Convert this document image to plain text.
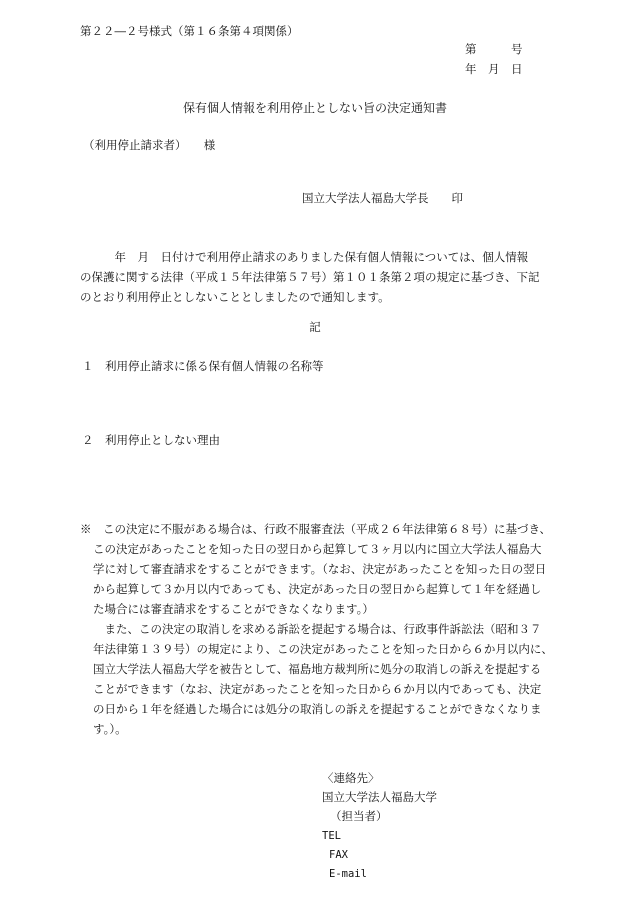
第２２―２号様式（第１６条第４項関係）
第　　　号
年　月　日
保有個人情報を利用停止としない旨の決定通知書
（利用停止請求者）　　様
国立大学法人福島大学長　　印
　　　年　月　日付けで利用停止請求のありました保有個人情報については、個人情報
の保護に関する法律（平成１５年法律第５７号）第１０１条第２項の規定に基づき、下記
のとおり利用停止としないこととしましたので通知します。
記
１　利用停止請求に係る保有個人情報の名称等
２　利用停止としない理由
※　この決定に不服がある場合は、行政不服審査法（平成２６年法律第６８号）に基づき、
この決定があったことを知った日の翌日から起算して３ヶ月以内に国立大学法人福島大
学に対して審査請求をすることができます。（なお、決定があったことを知った日の翌日
から起算して３か月以内であっても、決定があった日の翌日から起算して１年を経過し
た場合には審査請求をすることができなくなります。）
　また、この決定の取消しを求める訴訟を提起する場合は、行政事件訴訟法（昭和３７
年法律第１３９号）の規定により、この決定があったことを知った日から６か月以内に、
国立大学法人福島大学を被告として、福島地方裁判所に処分の取消しの訴えを提起する
ことができます（なお、決定があったことを知った日から６か月以内であっても、決定
の日から１年を経過した場合には処分の取消しの訴えを提起することができなくなりま
す。）。
〈連絡先〉
国立大学法人福島大学
（担当者）
TEL
FAX
E-mail
